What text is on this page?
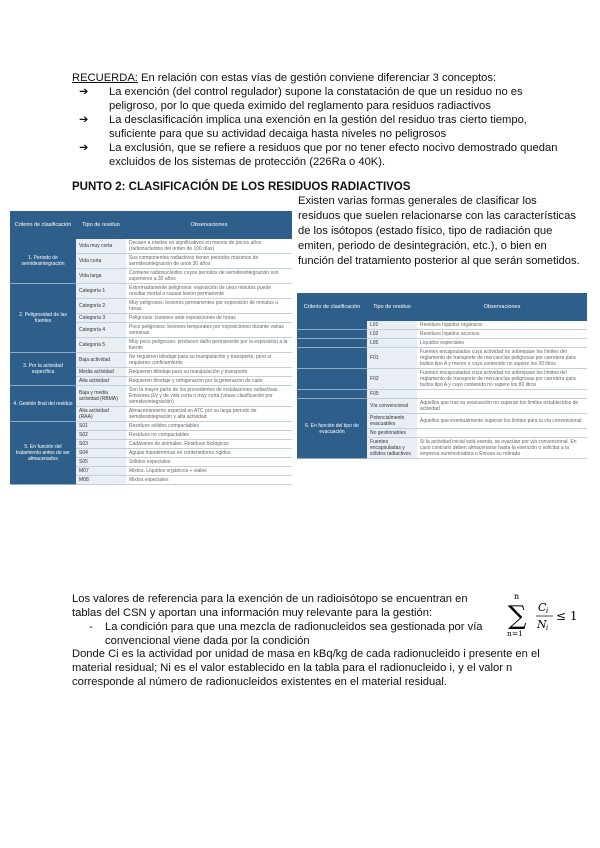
RECUERDA: En relación con estas vías de gestión conviene diferenciar 3 conceptos:
➔ La exención (del control regulador) supone la constatación de que un residuo no es peligroso, por lo que queda eximido del reglamento para residuos radiactivos
➔ La desclasificación implica una exención en la gestión del residuo tras cierto tiempo, suficiente para que su actividad decaiga hasta niveles no peligrosos
➔ La exclusión, que se refiere a residuos que por no tener efecto nocivo demostrado quedan excluidos de los sistemas de protección (226Ra o 40K).
PUNTO 2: CLASIFICACIÓN DE LOS RESIDUOS RADIACTIVOS
Existen varias formas generales de clasificar los residuos que suelen relacionarse con las características de los isótopos (estado físico, tipo de radiación que emiten, periodo de desintegración, etc.), o bien en función del tratamiento posterior al que serán sometidos.
Criterio de clasificación	Tipo de residuo	Observaciones
1. Periodo de semidesintegración	Vida muy corta	Decaen a niveles no significativos en menos de pocos años (radionucleidos del orden de 100 días)
	Vida corta	Sus componentes radiactivos tienen periodos máximos de semidesintegración de unos 30 años
	Vida larga	Contiene radionucleidos cuyos periodos de semidesintegración son superiores a 30 años
2. Peligrosidad de las fuentes	Categoría 1	Extremadamente peligrosos: exposición de unos minutos puede resultar mortal o causar lesión permanente
	Categoría 2	Muy peligrosos: lesiones permanentes por exposición de minutos u horas
	Categoría 3	Peligrosos: lesiones ante exposiciones de horas
	Categoría 4	Poco peligrosos: lesiones temporales por exposiciones durante varias semanas
	Categoría 5	Muy poco peligrosos: producen daño permanente por la exposición a la fuente
3. Por la actividad específica	Baja actividad	No requieren blindaje para su manipulación y transporte, pero sí requieren confinamiento
	Media actividad	Requieren blindaje para su manipulación y transporte
	Alta actividad	Requieren blindaje y refrigeración por la generación de calor
4. Gestión final del residuo	Baja y media actividad (RBMA)	Son la mayor parte de los procedentes de instalaciones radiactivas. Emisores β/γ y de vida corta o muy corta (véase clasificación por semidesintegración)
	Alta actividad (RAA)	Almacenamiento especial en ATC por su larga periodo de semidesintegración y alta actividad
5. En función del tratamiento antes de ser almacenados	S01	Residuos sólidos compactables
	S02	Residuos no compactables
	S03	Cadáveres de animales. Residuos biológicos
	S04	Agujas hipodérmicas en contenedores rígidos
	S05	Sólidos especiales
	M07	Mixtos. Líquidos orgánicos + viales
	M08	Mixtos especiales
Criterio de clasificación	Tipo de residuo	Observaciones
	L01	Residuos líquidos orgánicos
	L02	Residuos líquidos acuosos
	L05	Líquidos especiales
	F01	Fuentes encapsuladas cuya actividad no sobrepase los límites del reglamento de transporte de mercancías peligrosas por carretera para bultos tipo A y menor o cuyo contenido no supere los 20 litros
	F02	Fuentes encapsuladas cuya actividad no sobrepase los límites del reglamento de transporte de mercancías peligrosas por carretera para bultos tipo A y cuyo contenido no supere los 80 litros
	F05	
6. En función del tipo de evacuación	Vía convencional	Aquellos que tras su evacuación no superan los límites establecidos de actividad
	Potencialmente evacuables	Aquellos que eventualmente superan los límites para la vía convencional
	No gestionables	
	Fuentes encapsuladas y sólidos radiactivos	Si la actividad inicial está exenta, se evacúan por vía convencional. En caso contrario deben almacenarse hasta la exención o solicitar a la empresa suministradora o Enresa su retirada

Los valores de referencia para la exención de un radioisótopo se encuentran en tablas del CSN y aportan una información muy relevante para la gestión:

- La condición para que una mezcla de radionucleidos sea gestionada por vía convencional viene dada por la condición

n
∑
n=1
C i
N i
≤ 1

Donde Ci es la actividad por unidad de masa en kBq/kg de cada radionucleido i presente en el material residual; Ni es el valor establecido en la tabla para el radionucleido i, y el valor n corresponde al número de radionucleidos existentes en el material residual.
